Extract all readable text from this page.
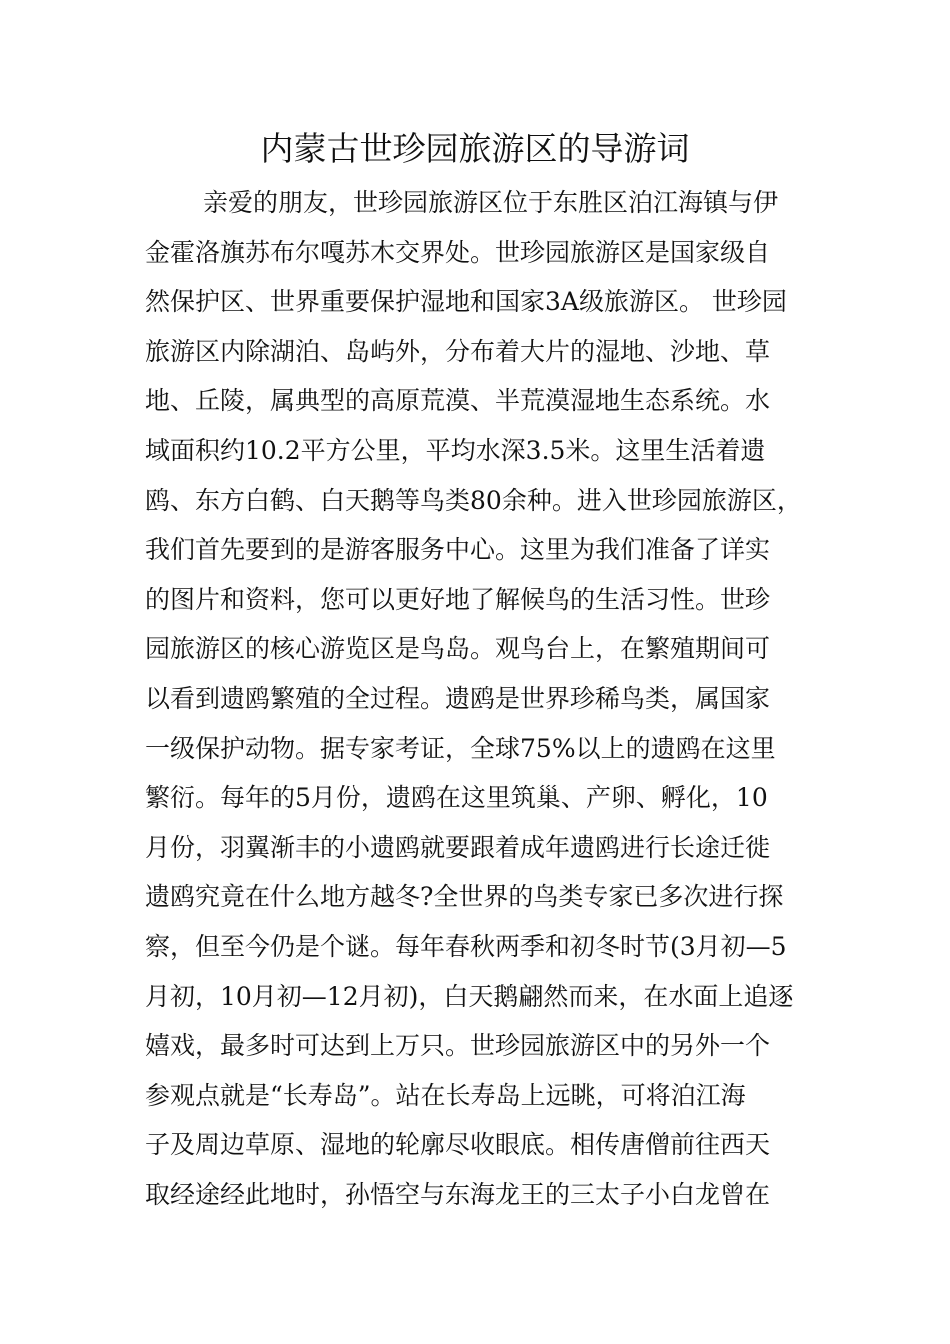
内蒙古世珍园旅游区的导游词
亲爱的朋友，世珍园旅游区位于东胜区泊江海镇与伊
金霍洛旗苏布尔嘎苏木交界处。世珍园旅游区是国家级自
然保护区、世界重要保护湿地和国家3A级旅游区。 世珍园
旅游区内除湖泊、岛屿外，分布着大片的湿地、沙地、草
地、丘陵，属典型的高原荒漠、半荒漠湿地生态系统。水
域面积约10.2平方公里，平均水深3.5米。这里生活着遗
鸥、东方白鹤、白天鹅等鸟类80余种。进入世珍园旅游区，
我们首先要到的是游客服务中心。这里为我们准备了详实
的图片和资料，您可以更好地了解候鸟的生活习性。世珍
园旅游区的核心游览区是鸟岛。观鸟台上，在繁殖期间可
以看到遗鸥繁殖的全过程。遗鸥是世界珍稀鸟类，属国家
一级保护动物。据专家考证，全球75%以上的遗鸥在这里
繁衍。每年的5月份，遗鸥在这里筑巢、产卵、孵化，10
月份，羽翼渐丰的小遗鸥就要跟着成年遗鸥进行长途迁徙
遗鸥究竟在什么地方越冬?全世界的鸟类专家已多次进行探
察，但至今仍是个谜。每年春秋两季和初冬时节(3月初—5
月初，10月初—12月初)，白天鹅翩然而来，在水面上追逐
嬉戏，最多时可达到上万只。世珍园旅游区中的另外一个
参观点就是“长寿岛”。站在长寿岛上远眺，可将泊江海
子及周边草原、湿地的轮廓尽收眼底。相传唐僧前往西天
取经途经此地时，孙悟空与东海龙王的三太子小白龙曾在
